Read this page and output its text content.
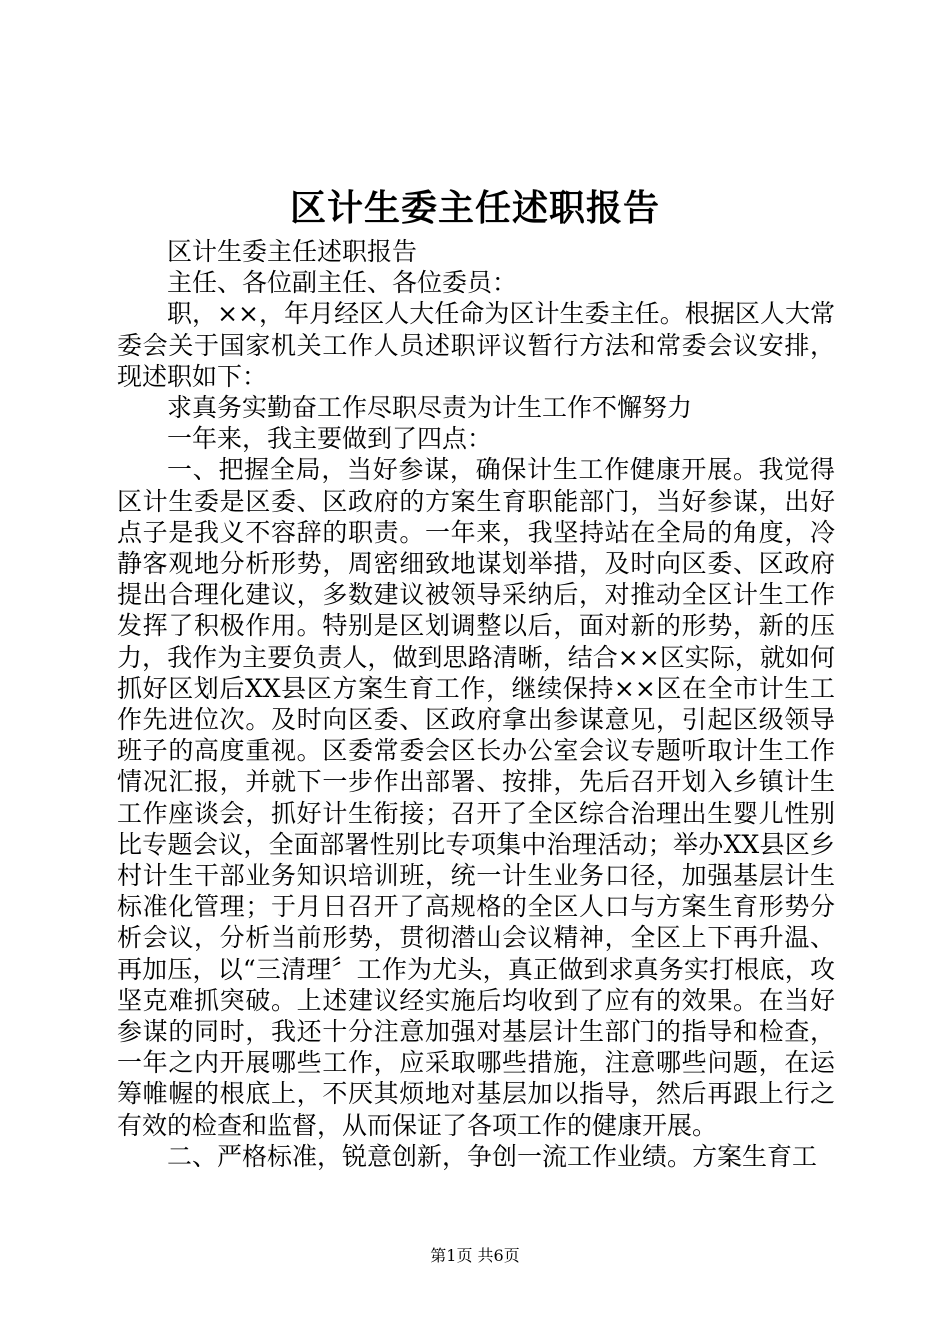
区计生委主任述职报告

区计生委主任述职报告

主任、各位副主任、各位委员：

职，××，年月经区人大任命为区计生委主任。根据区人大常委会关于国家机关工作人员述职评议暂行方法和常委会议安排，现述职如下：

求真务实勤奋工作尽职尽责为计生工作不懈努力

一年来，我主要做到了四点：

一、把握全局，当好参谋，确保计生工作健康开展。我觉得区计生委是区委、区政府的方案生育职能部门，当好参谋，出好点子是我义不容辞的职责。一年来，我坚持站在全局的角度，冷静客观地分析形势，周密细致地谋划举措，及时向区委、区政府提出合理化建议，多数建议被领导采纳后，对推动全区计生工作发挥了积极作用。特别是区划调整以后，面对新的形势，新的压力，我作为主要负责人，做到思路清晰，结合××区实际，就如何抓好区划后XX县区方案生育工作，继续保持××区在全市计生工作先进位次。及时向区委、区政府拿出参谋意见，引起区级领导班子的高度重视。区委常委会区长办公室会议专题听取计生工作情况汇报，并就下一步作出部署、按排，先后召开划入乡镇计生工作座谈会，抓好计生衔接；召开了全区综合治理出生婴儿性别比专题会议，全面部署性别比专项集中治理活动；举办XX县区乡村计生干部业务知识培训班，统一计生业务口径，加强基层计生标准化管理；于月日召开了高规格的全区人口与方案生育形势分析会议，分析当前形势，贯彻潜山会议精神，全区上下再升温、再加压，以“三清理〞工作为尤头，真正做到求真务实打根底，攻坚克难抓突破。上述建议经实施后均收到了应有的效果。在当好参谋的同时，我还十分注意加强对基层计生部门的指导和检查，一年之内开展哪些工作，应采取哪些措施，注意哪些问题，在运筹帷幄的根底上，不厌其烦地对基层加以指导，然后再跟上行之有效的检查和监督，从而保证了各项工作的健康开展。

二、严格标准，锐意创新，争创一流工作业绩。方案生育工

第1页 共6页
